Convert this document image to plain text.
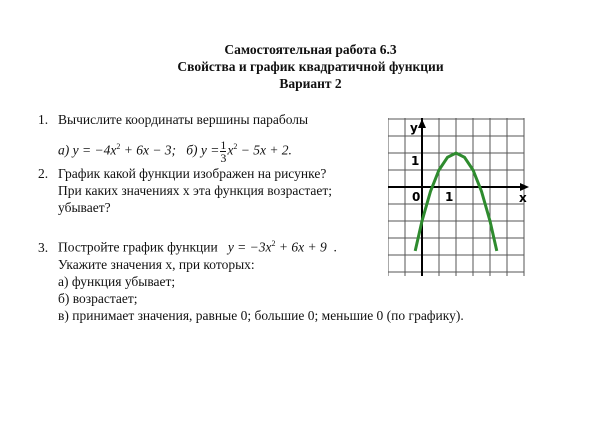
Самостоятельная работа 6.3
Свойства и график квадратичной функции
Вариант 2
1. Вычислите координаты вершины параболы
а) $y = -4x^2 + 6x - 3$; б) $y = \frac{1}{3} x^2 - 5x + 2$.
2. График какой функции изображен на рисунке?
При каких значениях x эта функция возрастает;
убывает?
3. Постройте график функции $y = -3x^2 + 6x + 9$ .
Укажите значения x, при которых:
а) функция убывает;
б) возрастает;
в) принимает значения, равные 0; большие 0; меньшие 0 (по графику).
y
x
0 1
1
